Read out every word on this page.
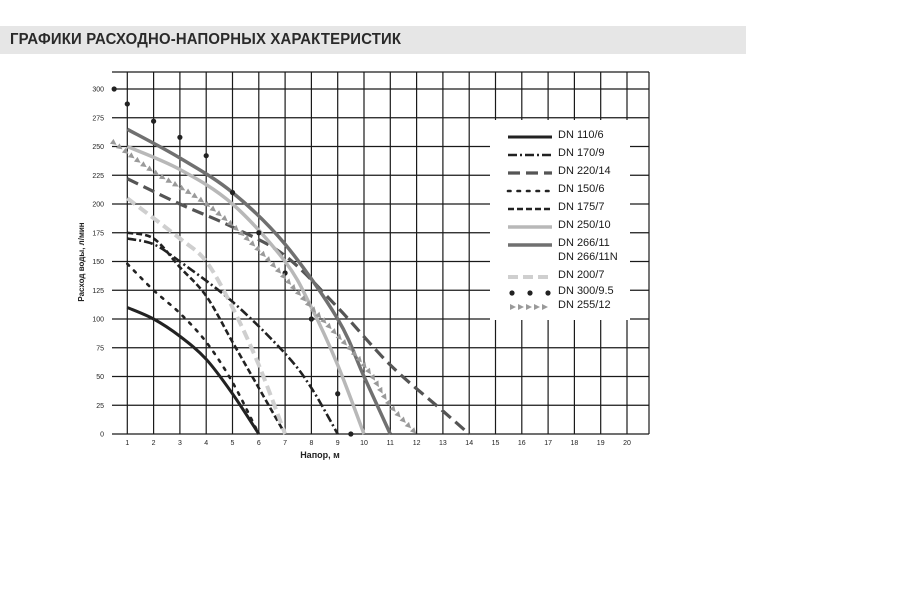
ГРАФИКИ РАСХОДНО-НАПОРНЫХ ХАРАКТЕРИСТИК
1	2	3	4	5	6	7	8	9	10	11	12	13	14	15	16	17	18	19	20
0
25
50
75
100
125
150
175
200
225
250
275
300
Напор, м
Расход воды, л/мин
DN 110/6
DN 170/9
DN 220/14
DN 150/6
DN 175/7
DN 250/10
DN 266/11
DN 266/11N
DN 200/7
DN 300/9.5
DN 255/12
